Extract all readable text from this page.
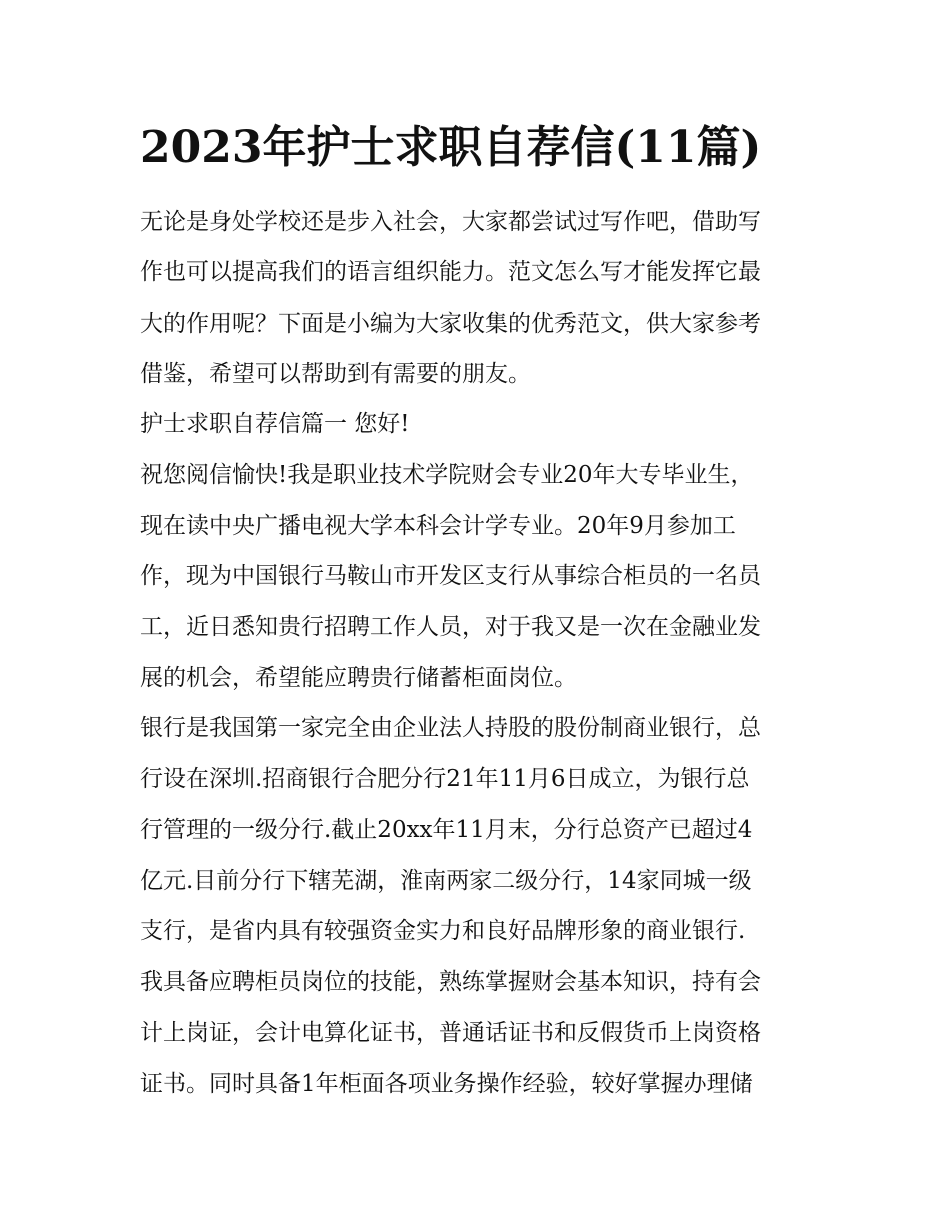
2023年护士求职自荐信(11篇)
无论是身处学校还是步入社会，大家都尝试过写作吧，借助写
作也可以提高我们的语言组织能力。范文怎么写才能发挥它最
大的作用呢？下面是小编为大家收集的优秀范文，供大家参考
借鉴，希望可以帮助到有需要的朋友。
护士求职自荐信篇一 您好!
祝您阅信愉快!我是职业技术学院财会专业20年大专毕业生，
现在读中央广播电视大学本科会计学专业。20年9月参加工
作，现为中国银行马鞍山市开发区支行从事综合柜员的一名员
工，近日悉知贵行招聘工作人员，对于我又是一次在金融业发
展的机会，希望能应聘贵行储蓄柜面岗位。
银行是我国第一家完全由企业法人持股的股份制商业银行，总
行设在深圳.招商银行合肥分行21年11月6日成立，为银行总
行管理的一级分行.截止20xx年11月末，分行总资产已超过4
亿元.目前分行下辖芜湖，淮南两家二级分行，14家同城一级
支行，是省内具有较强资金实力和良好品牌形象的商业银行.
我具备应聘柜员岗位的技能，熟练掌握财会基本知识，持有会
计上岗证，会计电算化证书，普通话证书和反假货币上岗资格
证书。同时具备1年柜面各项业务操作经验，较好掌握办理储
